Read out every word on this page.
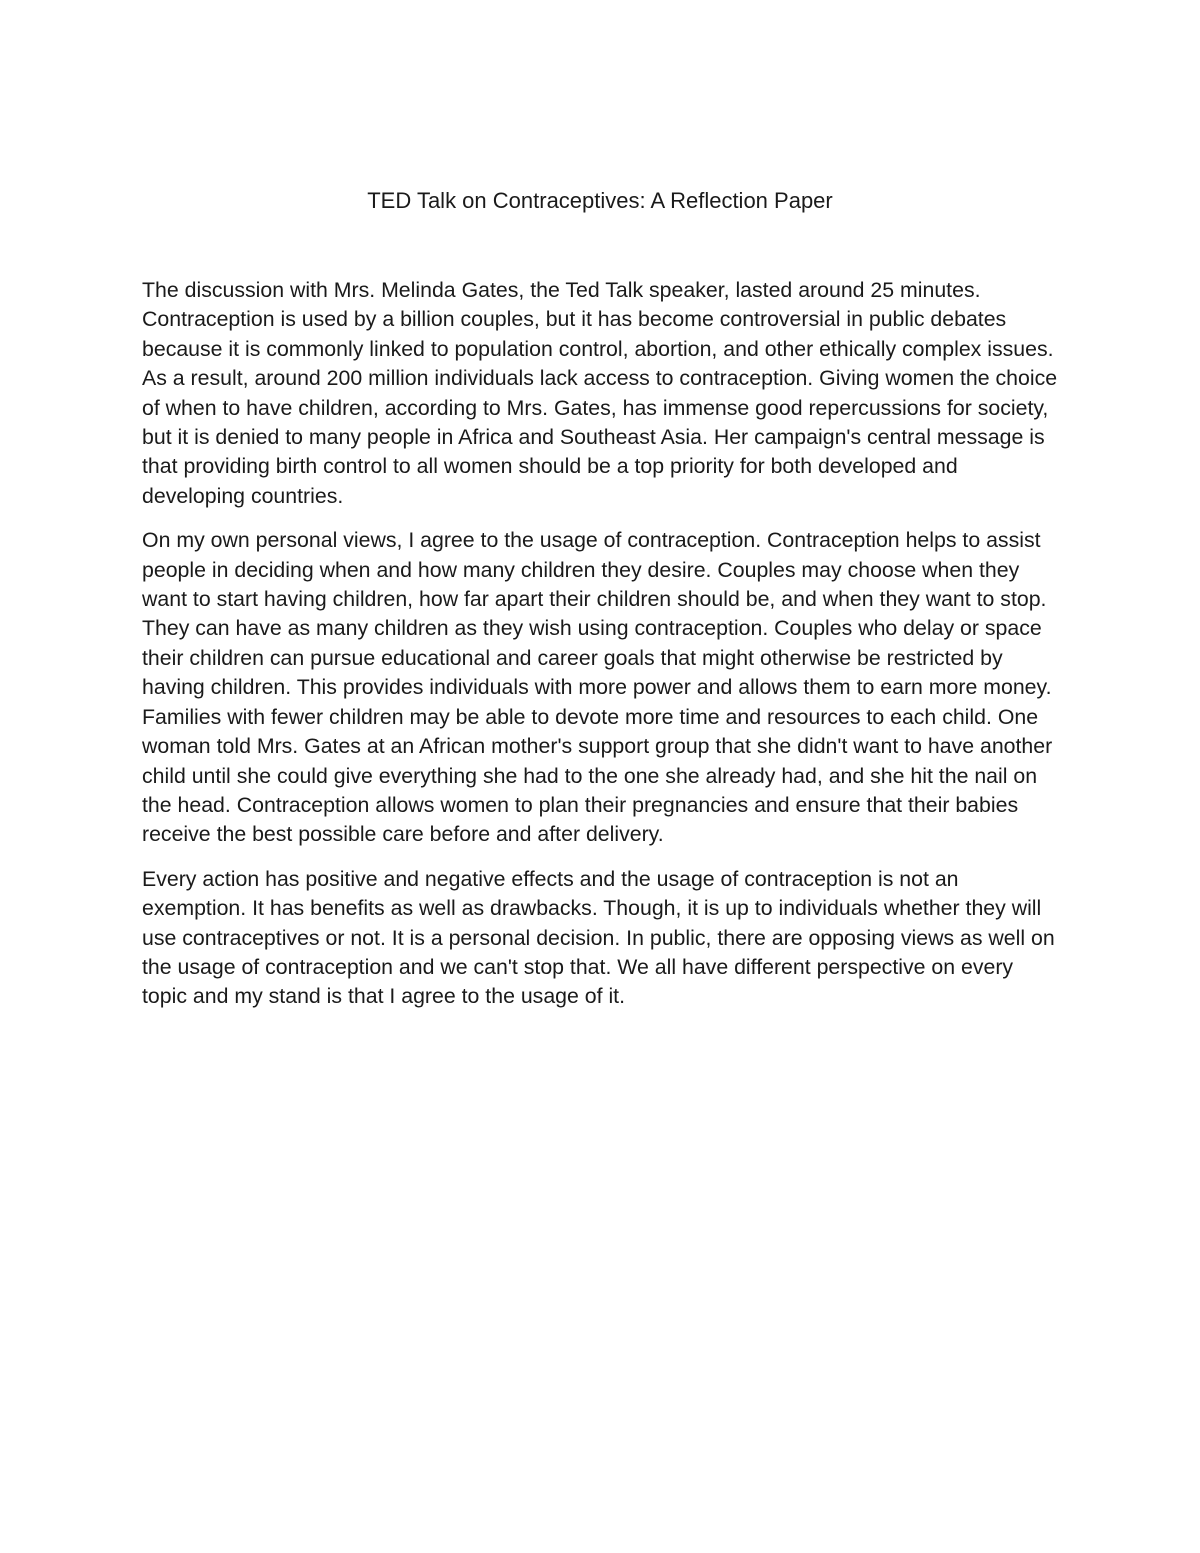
TED Talk on Contraceptives: A Reflection Paper

The discussion with Mrs. Melinda Gates, the Ted Talk speaker, lasted around 25 minutes. Contraception is used by a billion couples, but it has become controversial in public debates because it is commonly linked to population control, abortion, and other ethically complex issues. As a result, around 200 million individuals lack access to contraception. Giving women the choice of when to have children, according to Mrs. Gates, has immense good repercussions for society, but it is denied to many people in Africa and Southeast Asia. Her campaign's central message is that providing birth control to all women should be a top priority for both developed and developing countries.

On my own personal views, I agree to the usage of contraception. Contraception helps to assist people in deciding when and how many children they desire. Couples may choose when they want to start having children, how far apart their children should be, and when they want to stop. They can have as many children as they wish using contraception. Couples who delay or space their children can pursue educational and career goals that might otherwise be restricted by having children. This provides individuals with more power and allows them to earn more money. Families with fewer children may be able to devote more time and resources to each child. One woman told Mrs. Gates at an African mother's support group that she didn't want to have another child until she could give everything she had to the one she already had, and she hit the nail on the head. Contraception allows women to plan their pregnancies and ensure that their babies receive the best possible care before and after delivery.

Every action has positive and negative effects and the usage of contraception is not an exemption. It has benefits as well as drawbacks. Though, it is up to individuals whether they will use contraceptives or not. It is a personal decision. In public, there are opposing views as well on the usage of contraception and we can't stop that. We all have different perspective on every topic and my stand is that I agree to the usage of it.
